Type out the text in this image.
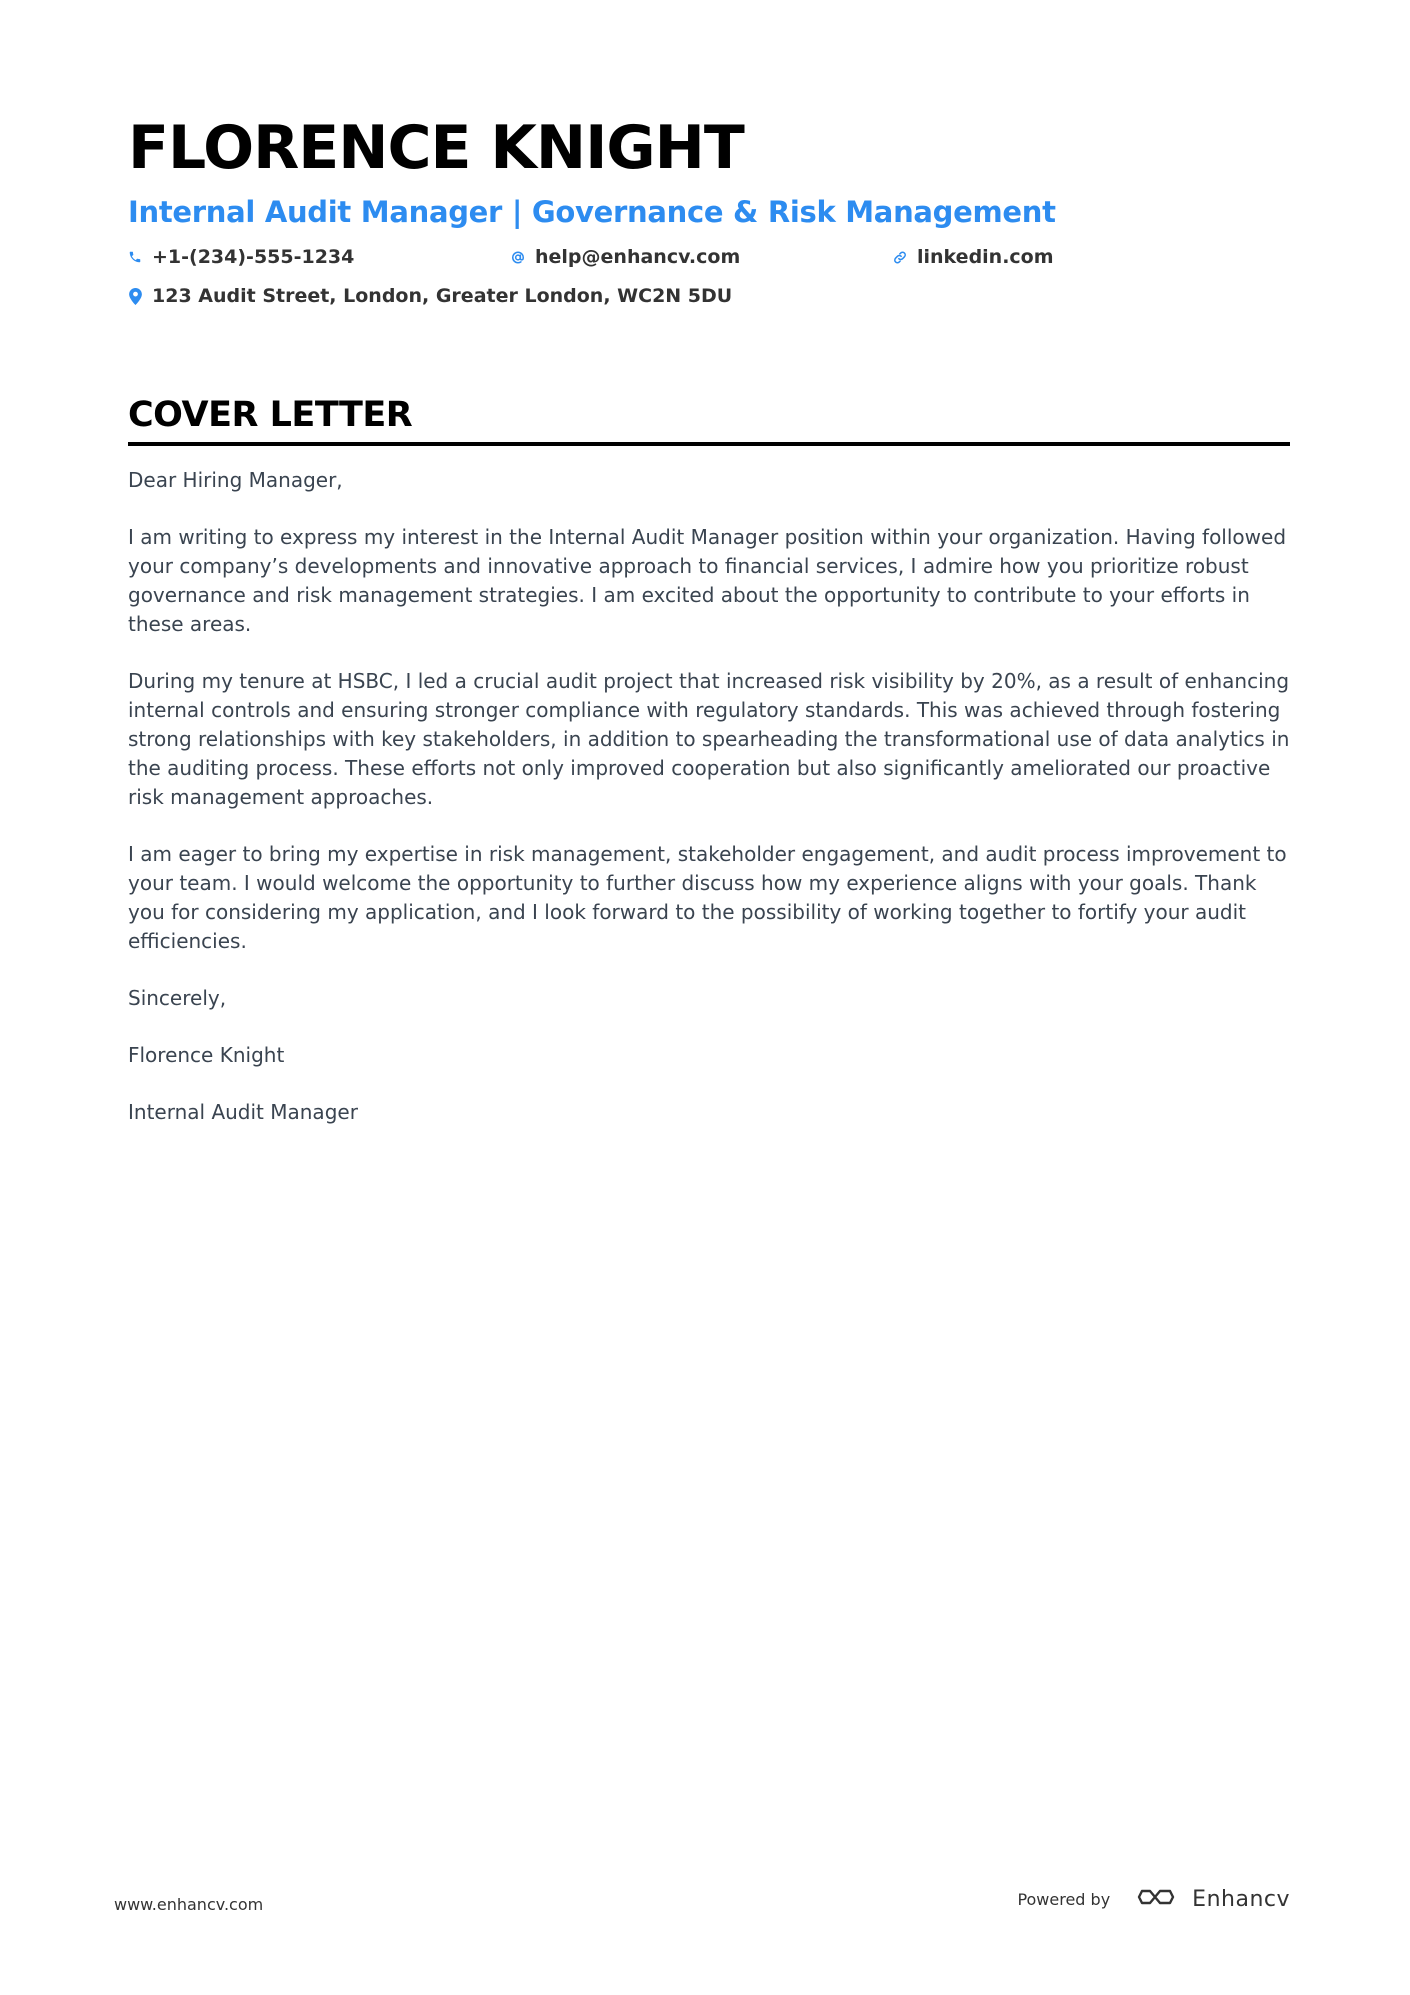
FLORENCE KNIGHT
Internal Audit Manager | Governance & Risk Management
+1-(234)-555-1234	help@enhancv.com	linkedin.com
123 Audit Street, London, Greater London, WC2N 5DU
COVER LETTER

Dear Hiring Manager,

I am writing to express my interest in the Internal Audit Manager position within your organization. Having followed your company’s developments and innovative approach to financial services, I admire how you prioritize robust governance and risk management strategies. I am excited about the opportunity to contribute to your efforts in these areas.

During my tenure at HSBC, I led a crucial audit project that increased risk visibility by 20%, as a result of enhancing internal controls and ensuring stronger compliance with regulatory standards. This was achieved through fostering strong relationships with key stakeholders, in addition to spearheading the transformational use of data analytics in the auditing process. These efforts not only improved cooperation but also significantly ameliorated our proactive risk management approaches.

I am eager to bring my expertise in risk management, stakeholder engagement, and audit process improvement to your team. I would welcome the opportunity to further discuss how my experience aligns with your goals. Thank you for considering my application, and I look forward to the possibility of working together to fortify your audit efficiencies.

Sincerely,

Florence Knight

Internal Audit Manager

www.enhancv.com	Powered by	Enhancv
